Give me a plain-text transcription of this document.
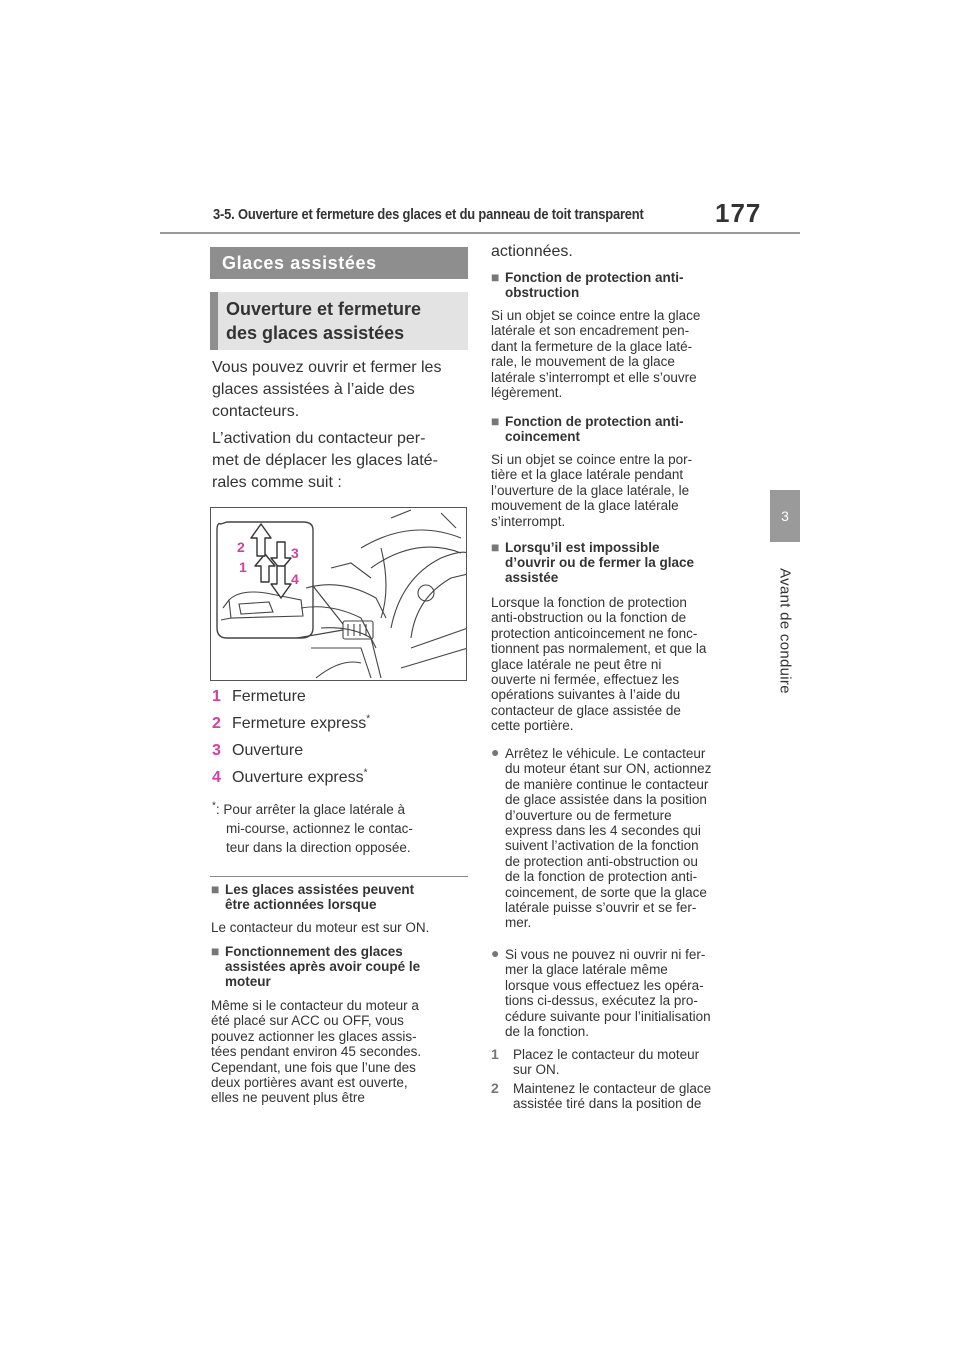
3-5. Ouverture et fermeture des glaces et du panneau de toit transparent	177
3
Avant de conduire
Glaces assistées
Ouverture et fermeture
des glaces assistées
Vous pouvez ouvrir et fermer les
glaces assistées à l’aide des
contacteurs.
L’activation du contacteur per-
met de déplacer les glaces laté-
rales comme suit :
2
1
3
4
1 Fermeture
2 Fermeture express*
3 Ouverture
4 Ouverture express*
*: Pour arrêter la glace latérale à
mi-course, actionnez le contac-
teur dans la direction opposée.
■ Les glaces assistées peuvent
être actionnées lorsque
Le contacteur du moteur est sur ON.
■ Fonctionnement des glaces
assistées après avoir coupé le
moteur
Même si le contacteur du moteur a
été placé sur ACC ou OFF, vous
pouvez actionner les glaces assis-
tées pendant environ 45 secondes.
Cependant, une fois que l’une des
deux portières avant est ouverte,
elles ne peuvent plus être
actionnées.
■ Fonction de protection anti-
obstruction
Si un objet se coince entre la glace
latérale et son encadrement pen-
dant la fermeture de la glace laté-
rale, le mouvement de la glace
latérale s’interrompt et elle s’ouvre
légèrement.
■ Fonction de protection anti-
coincement
Si un objet se coince entre la por-
tière et la glace latérale pendant
l’ouverture de la glace latérale, le
mouvement de la glace latérale
s’interrompt.
■ Lorsqu’il est impossible
d’ouvrir ou de fermer la glace
assistée
Lorsque la fonction de protection
anti-obstruction ou la fonction de
protection anticoincement ne fonc-
tionnent pas normalement, et que la
glace latérale ne peut être ni
ouverte ni fermée, effectuez les
opérations suivantes à l’aide du
contacteur de glace assistée de
cette portière.
● Arrêtez le véhicule. Le contacteur
du moteur étant sur ON, actionnez
de manière continue le contacteur
de glace assistée dans la position
d’ouverture ou de fermeture
express dans les 4 secondes qui
suivent l’activation de la fonction
de protection anti-obstruction ou
de la fonction de protection anti-
coincement, de sorte que la glace
latérale puisse s’ouvrir et se fer-
mer.
● Si vous ne pouvez ni ouvrir ni fer-
mer la glace latérale même
lorsque vous effectuez les opéra-
tions ci-dessus, exécutez la pro-
cédure suivante pour l’initialisation
de la fonction.
1 Placez le contacteur du moteur
sur ON.
2 Maintenez le contacteur de glace
assistée tiré dans la position de
